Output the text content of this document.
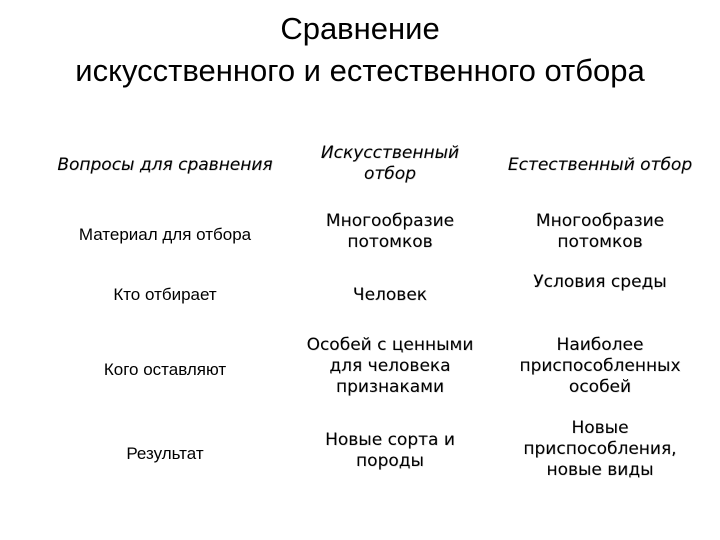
Сравнение
искусственного и естественного отбора
Вопросы для сравнения
Искусственный
отбор	Естественный отбор
Материал для отбора
Многообразие
потомков
Многообразие
потомков
Кто отбирает	Человек
Условия среды
Кого оставляют
Особей с ценными
для человека
признаками
Наиболее
приспособленных
особей
Результат
Новые сорта и
породы
Новые
приспособления,
новые виды
